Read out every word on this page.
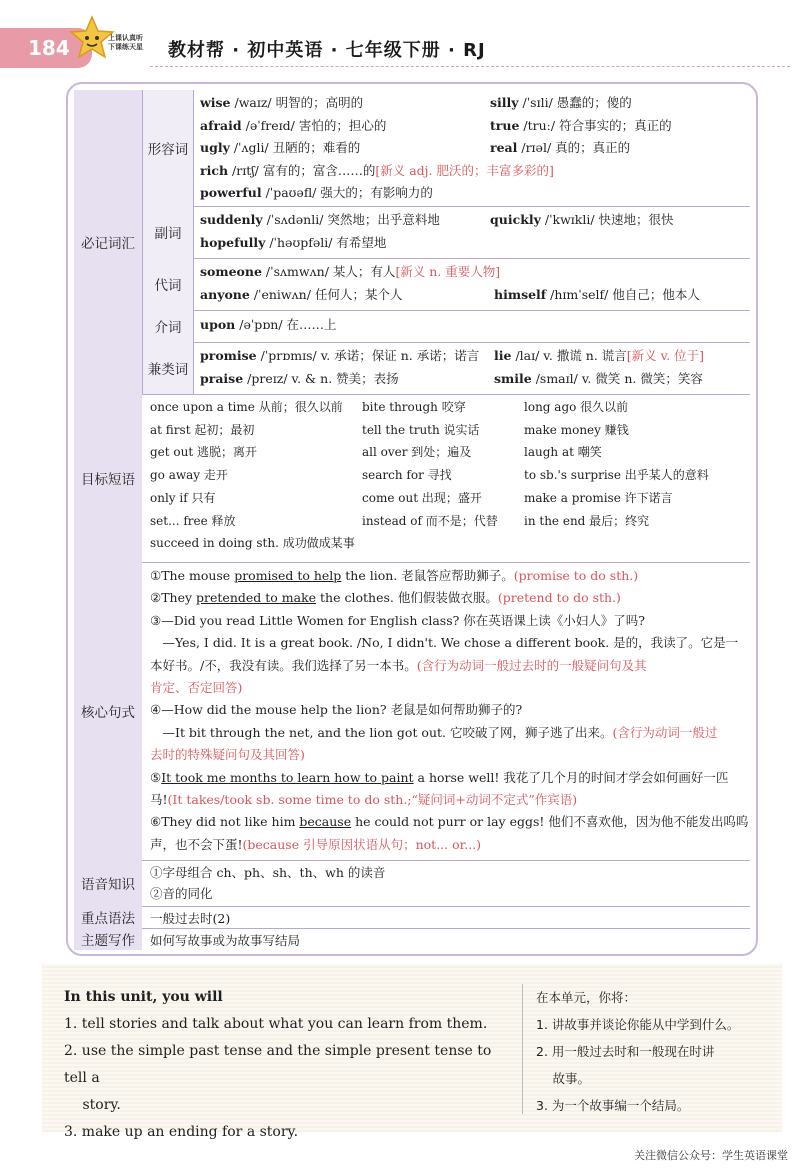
184	上课认真听
下课练天星 教材帮 · 初中英语 · 七年级下册 · RJ
必记词汇
形容词
wise /waɪz/ 明智的；高明的	silly /ˈsɪli/ 愚蠢的；傻的
afraid /əˈfreɪd/ 害怕的；担心的	true /truː/ 符合事实的；真正的
ugly /ˈʌgli/ 丑陋的；难看的	real /rɪəl/ 真的；真正的
rich /rɪtʃ/ 富有的；富含……的[新义 adj. 肥沃的；丰富多彩的]
powerful /ˈpaʊəfl/ 强大的；有影响力的
副词
suddenly /ˈsʌdənli/ 突然地；出乎意料地	quickly /ˈkwɪkli/ 快速地；很快
hopefully /ˈhəʊpfəli/ 有希望地
代词
someone /ˈsʌmwʌn/ 某人；有人[新义 n. 重要人物]
anyone /ˈeniwʌn/ 任何人；某个人	himself /hɪmˈself/ 他自己；他本人
介词	upon /əˈpɒn/ 在……上
兼类词
promise /ˈprɒmɪs/ v. 承诺；保证 n. 承诺；诺言 lie /laɪ/ v. 撒谎 n. 谎言[新义 v. 位于]
praise /preɪz/ v. & n. 赞美；表扬	smile /smaɪl/ v. 微笑 n. 微笑；笑容
目标短语
once upon a time 从前；很久以前 bite through 咬穿	long ago 很久以前
at first 起初；最初	tell the truth 说实话	make money 赚钱
get out 逃脱；离开	all over 到处；遍及	laugh at 嘲笑
go away 走开	search for 寻找	to sb.'s surprise 出乎某人的意料
only if 只有	come out 出现；盛开	make a promise 许下诺言
set... free 释放	instead of 而不是；代替 in the end 最后；终究
succeed in doing sth. 成功做成某事
核心句式
①The mouse promised to help the lion. 老鼠答应帮助狮子。(promise to do sth.)
②They pretended to make the clothes. 他们假装做衣服。(pretend to do sth.)
③—Did you read Little Women for English class? 你在英语课上读《小妇人》了吗?
　—Yes, I did. It is a great book. /No, I didn't. We chose a different book. 是的，我读了。它是一
本好书。/不，我没有读。我们选择了另一本书。(含行为动词一般过去时的一般疑问句及其
肯定、否定回答)
④—How did the mouse help the lion? 老鼠是如何帮助狮子的?
　—It bit through the net, and the lion got out. 它咬破了网，狮子逃了出来。(含行为动词一般过
去时的特殊疑问句及其回答)
⑤It took me months to learn how to paint a horse well! 我花了几个月的时间才学会如何画好一匹
马!(It takes/took sb. some time to do sth.;“疑问词+动词不定式”作宾语)
⑥They did not like him because he could not purr or lay eggs! 他们不喜欢他，因为他不能发出呜呜
声，也不会下蛋!(because 引导原因状语从句；not... or...)
语音知识
①字母组合 ch、ph、sh、th、wh 的读音
②音的同化
重点语法	一般过去时(2)
主题写作	如何写故事或为故事写结局
In this unit, you will
1. tell stories and talk about what you can learn from them.
2. use the simple past tense and the simple present tense to tell a
　 story.
3. make up an ending for a story.
在本单元，你将：
1. 讲故事并谈论你能从中学到什么。
2. 用一般过去时和一般现在时讲
　 故事。
3. 为一个故事编一个结局。
关注微信公众号：学生英语课堂
